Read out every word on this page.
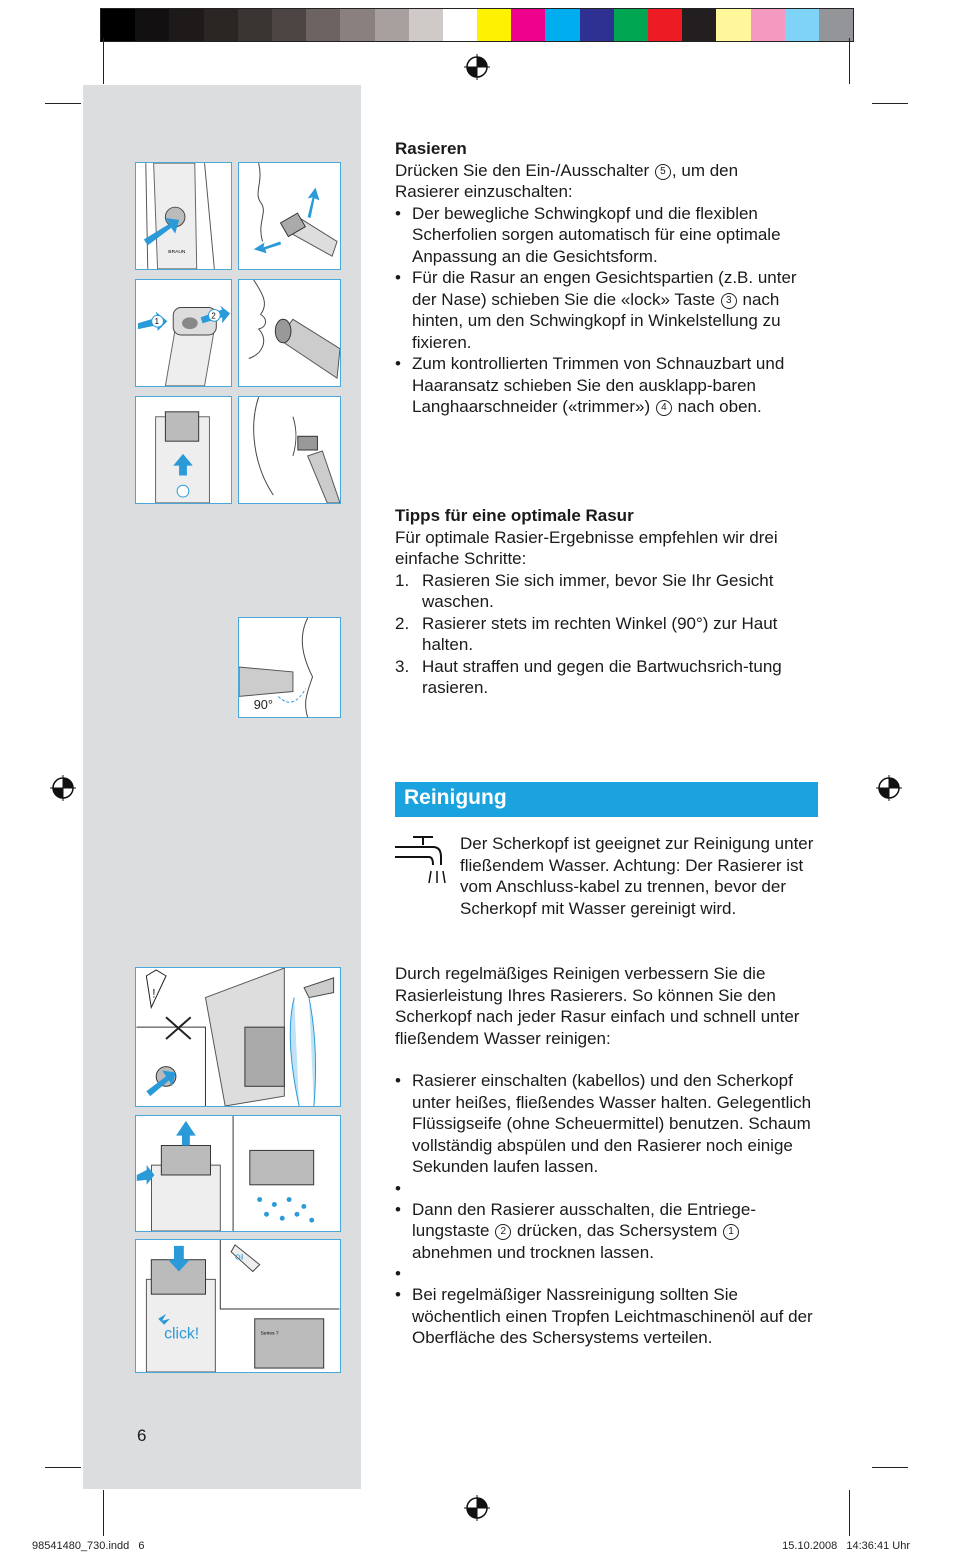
BRAUN
1
2
90°
!
Oil
Series 7
click!
Rasieren
Drücken Sie den Ein-/Ausschalter 5 , um den
Rasierer einzuschalten:
• Der bewegliche Schwingkopf und die flexiblen Scherfolien sorgen automatisch für eine optimale Anpassung an die Gesichtsform.
• Für die Rasur an engen Gesichtspartien (z.B. unter der Nase) schieben Sie die «lock» Taste 3 nach hinten, um den Schwingkopf in Winkelstellung zu fixieren.
• Zum kontrollierten Trimmen von Schnauzbart und Haaransatz schieben Sie den ausklapp-baren Langhaarschneider («trimmer») 4 nach oben.
Tipps für eine optimale Rasur
Für optimale Rasier-Ergebnisse empfehlen wir drei einfache Schritte:
1. Rasieren Sie sich immer, bevor Sie Ihr Gesicht waschen.
2. Rasierer stets im rechten Winkel (90°) zur Haut halten.
3. Haut straffen und gegen die Bartwuchsrich-tung rasieren.
Reinigung
Der Scherkopf ist geeignet zur Reinigung unter fließendem Wasser. Achtung: Der Rasierer ist vom Anschluss-kabel zu trennen, bevor der Scherkopf mit Wasser gereinigt wird.
Durch regelmäßiges Reinigen verbessern Sie die Rasierleistung Ihres Rasierers. So können Sie den Scherkopf nach jeder Rasur einfach und schnell unter fließendem Wasser reinigen:
• Rasierer einschalten (kabellos) und den Scherkopf unter heißes, fließendes Wasser halten. Gelegentlich Flüssigseife (ohne Scheuermittel) benutzen. Schaum vollständig abspülen und den Rasierer noch einige Sekunden laufen lassen.
•
• Dann den Rasierer ausschalten, die Entriege-lungstaste 2 drücken, das Schersystem 1 abnehmen und trocknen lassen.
•
• Bei regelmäßiger Nassreinigung sollten Sie wöchentlich einen Tropfen Leichtmaschinenöl auf der Oberfläche des Schersystems verteilen.
6
98541480_730.indd   6	15.10.2008   14:36:41 Uhr
